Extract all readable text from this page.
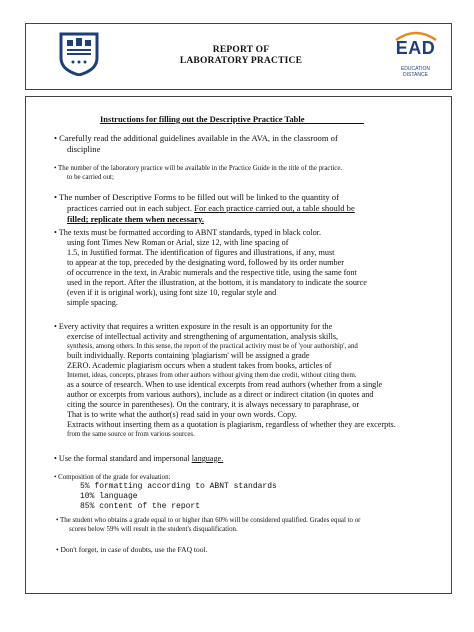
REPORT OF
LABORATORY PRACTICE
EAD
EDUCATION
DISTANCE
Instructions for filling out the Descriptive Practice Table
• Carefully read the additional guidelines available in the AVA, in the classroom of
discipline
• The number of the laboratory practice will be available in the Practice Guide in the title of the practice.
to be carried out;
• The number of Descriptive Forms to be filled out will be linked to the quantity of
practices carried out in each subject. For each practice carried out, a table should be
filled; replicate them when necessary.
• The texts must be formatted according to ABNT standards, typed in black color.
using font Times New Roman or Arial, size 12, with line spacing of
1.5, in Justified format. The identification of figures and illustrations, if any, must
to appear at the top, preceded by the designating word, followed by its order number
of occurrence in the text, in Arabic numerals and the respective title, using the same font
used in the report. After the illustration, at the bottom, it is mandatory to indicate the source
(even if it is original work), using font size 10, regular style and
simple spacing.
• Every activity that requires a written exposure in the result is an opportunity for the
exercise of intellectual activity and strengthening of argumentation, analysis skills,
synthesis, among others. In this sense, the report of the practical activity must be of 'your authorship', and
built individually. Reports containing 'plagiarism' will be assigned a grade
ZERO. Academic plagiarism occurs when a student takes from books, articles of
Internet, ideas, concepts, phrases from other authors without giving them due credit, without citing them.
as a source of research. When to use identical excerpts from read authors (whether from a single
author or excerpts from various authors), include as a direct or indirect citation (in quotes and
citing the source in parentheses). On the contrary, it is always necessary to paraphrase, or
That is to write what the author(s) read said in your own words. Copy.
Extracts without inserting them as a quotation is plagiarism, regardless of whether they are excerpts.
from the same source or from various sources.
• Use the formal standard and impersonal language.
• Composition of the grade for evaluation:
5% formatting according to ABNT standards
10% language
85% content of the report
• The student who obtains a grade equal to or higher than 60% will be considered qualified. Grades equal to or
scores below 59% will result in the student's disqualification.
• Don't forget, in case of doubts, use the FAQ tool.
